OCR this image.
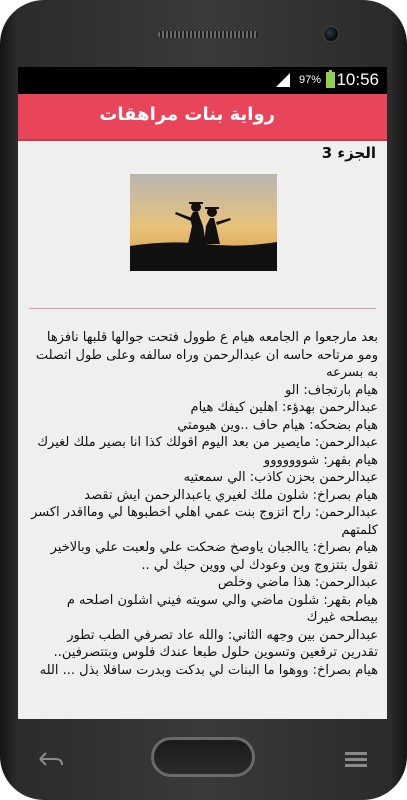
97% 10:56
رواية بنات مراهقات
الجزء 3

بعد مارجعوا م الجامعه هيام ع طوول فتحت جوالها قلبها نافزها ومو مرتاحه حاسه ان عبدالرحمن وراه سالفه وعلى طول اتصلت به بسرعه

هيام بارتجاف: الو

عبدالرحمن بهدؤء: اهلين كيفك هيام

هيام بضحكه: هيام حاف ..وين هيومتي

عبدالرحمن: مايصير من بعد اليوم اقولك كذا انا بصير ملك لغيرك

هيام بقهر: شووووووو

عبدالرحمن بحزن كاذب: الي سمعتيه

هيام بصراخ: شلون ملك لغيري ياعبدالرحمن ايش تقصد

عبدالرحمن: راح اتزوج بنت عمي اهلي اخطبوها لي ومااقدر اكسر كلمتهم

هيام بصراخ: ياالجبان ياوصخ ضحكت علي ولعبت علي وبالاخير تقول بتتزوج وين وعودك لي ووين حبك لي ..

عبدالرحمن: هذا ماضي وخلص

هيام بقهر: شلون ماضي والي سويته فيني اشلون اصلحه م بيصلحه غيرك

عبدالرحمن بين وجهه الثاني: والله عاد تصرفي الطب تطور تقدرين ترقعين وتسوين حلول طبعا عندك فلوس وبتتصرفين..

هيام بصراخ: ووهوا ما البنات لي بدكت وبدرت سافلا بذل ... الله
